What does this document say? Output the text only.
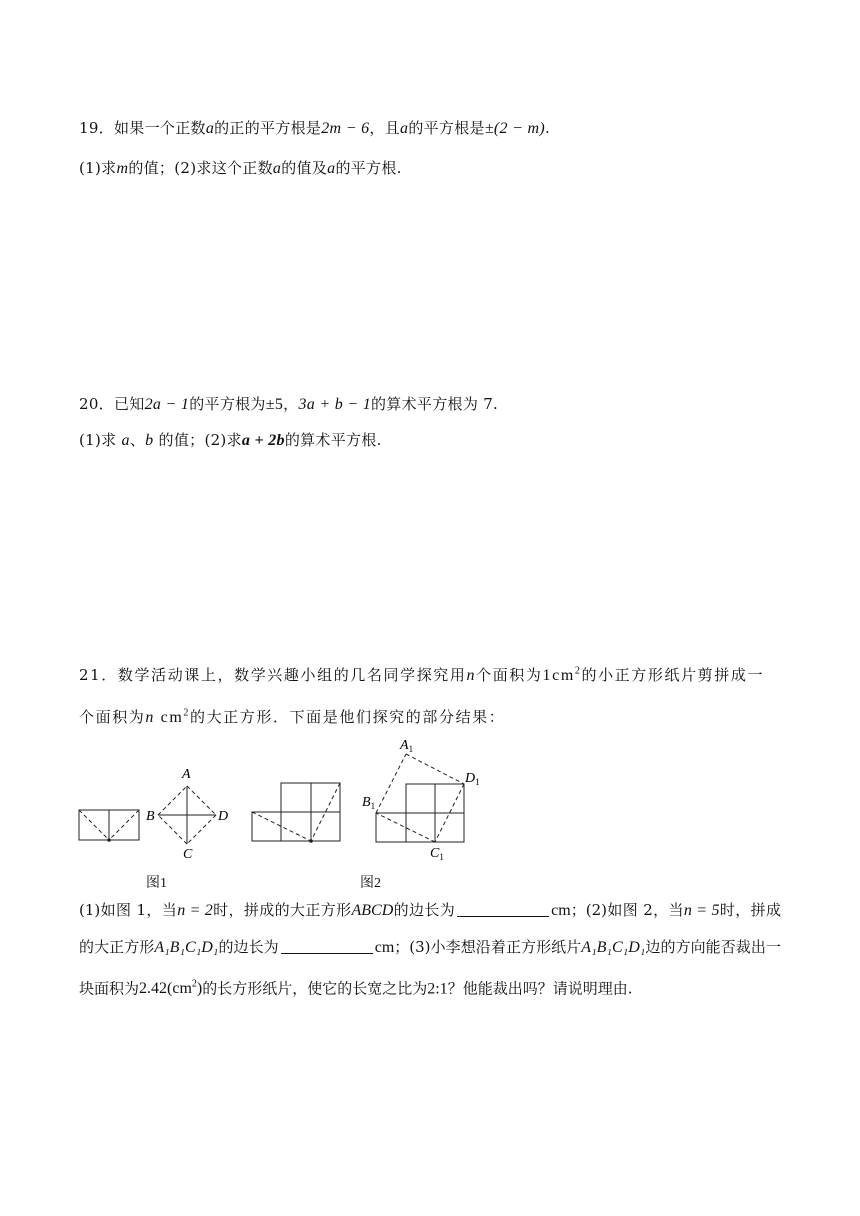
19．如果一个正数a的正的平方根是2m − 6，且a的平方根是±(2 − m).
(1)求m的值；(2)求这个正数a的值及a的平方根.
20．已知2a − 1的平方根为±5，3a + b − 1的算术平方根为 7.
(1)求 a、b 的值；(2)求a + 2b的算术平方根.
21．数学活动课上，数学兴趣小组的几名同学探究用n个面积为$1cm^2$的小正方形纸片剪拼成一
个面积为n $cm^2$的大正方形．下面是他们探究的部分结果：
A
B
C
D
$A_1$
$B_1$
$C_1$
$D_1$
图1	图2
(1)如图 1，当n = 2时，拼成的大正方形ABCD的边长为	cm；(2)如图 2，当n = 5时，拼成的大正方形A₁B₁C₁D₁的边长为	cm；(3)小李想沿着正方形纸片A₁B₁C₁D₁边的方向能否裁出一块面积为$2.42(cm^2)$的长方形纸片，使它的长宽之比为2:1？他能裁出吗？请说明理由.
